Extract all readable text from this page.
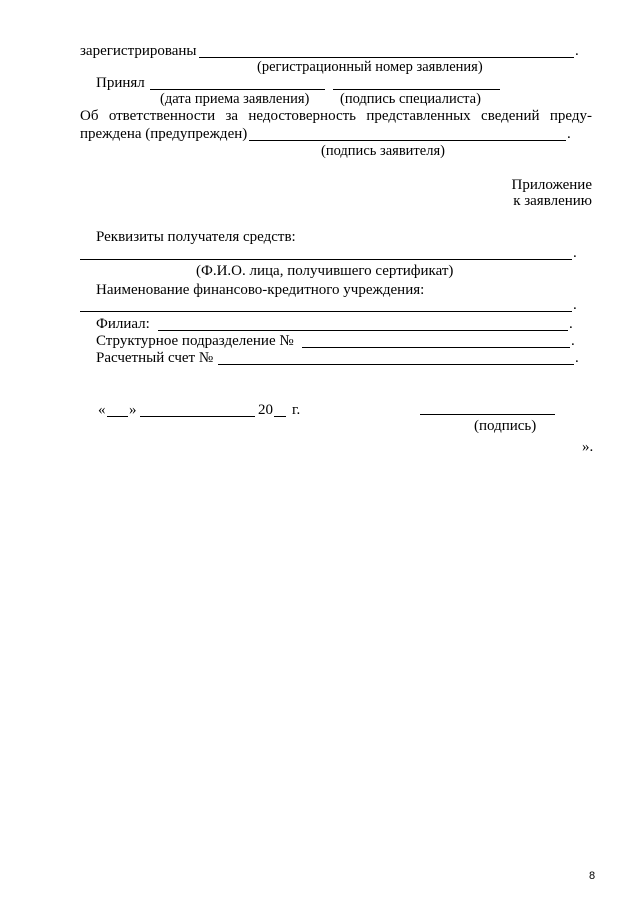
зарегистрированы	.
(регистрационный номер заявления)
Принял
(дата приема заявления) (подпись специалиста)
Об ответственности за недостоверность представленных сведений преду-
преждена (предупрежден)	.
(подпись заявителя)
Приложение
к заявлению
Реквизиты получателя средств:
.
(Ф.И.О. лица, получившего сертификат)
Наименование финансово-кредитного учреждения:
.
Филиал:	.
Структурное подразделение №	.
Расчетный счет №	.
« »	20 г.
(подпись)
».
8
